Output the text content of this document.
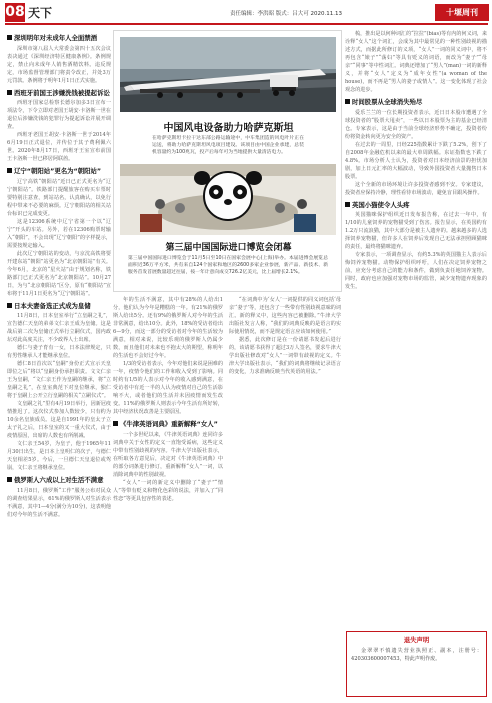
08 天下	责任编辑：李洪昭 版式：吕大可 2020.11.13	十堰周刊
深圳明年对未成年人全面禁酒

深圳市第八届人大常委会第四十五次会议表决通过《深圳经济特区健康条例》。条例规定，禁止向未成年人销售酒精饮料。违反规定，市场监督管理部门将责令改正，并处3万元罚款。条例将于明年1月1日正式实施。

西班牙前国王涉嫌洗钱被提起诉讼

西班牙国家总检察长德尔加多3日宣布一项法令，下令立即对老国王胡安·卡洛斯一世在退位后涉嫌洗钱的犯罪行为提起诉讼并展开调查。

西班牙老国王胡安·卡洛斯一世于2014年6月19日正式退位，并传位于其子费利佩六世。2020年8月17日，西班牙王室宣布前国王卡洛斯一世已移居阿联酋。

辽宁“朝阳站”更名为“朝阳站”

辽宁高铁“朝阳站”近日已正式更名为“辽宁朝阳站”。铁路部门提醒旅客在购买车票时要特别注意查，到站站名，认真确认，以免行程中带来不必要的麻烦。辽宁朝阳站的相关站台标识已完成变更。

这是12306系统中辽宁省第一个以“辽宁”开头的车站。另外，若在12306购票时输入“朝阳”，不会出现“辽宁朝阳”的字样提示，需要按规定输入。

此次辽宁朝阳站的变动，与京沈高铁将要开建东站“朝阳”站更名为“北京朝阳站”有关。今年6月，北京的“星火站”由于规划名称，铁路部门已正式更名为“北京朝阳站”。10月27日，为与“北京朝阳站”区分，原有“朝阳站”宣布将于11月1日更名为“辽宁朝阳站”。

日本夫妻备选正式成为皇储

11月8日，日本皇室举行“立皇嗣之礼”，宣告德仁天皇的弟弟文仁亲王成为皇储。这是战后第二次为皇储正式举行立嗣仪式，国内政坛对此高度关注，不少政界人士出席。

德仁与妻子育有一女，日本法律规定，只有男性继承人才能继承皇位。

德仁8日首次以“皇嗣”身份正式宣示天皇即位之后“将以“皇嗣身份承担职责。文文仁亲王为皇嗣，“文仁亲王作为皇嗣的继承，将“立皇嗣之礼”，在皇室典范下对皇位继承，独仁将于皇嗣上公开立行皇嗣的相关“立嗣仪式”。

文皇嗣之礼”里有4月19日举行，因新冠疫情推迟了。这次仪式参加人数较少，只有约为10余名皇族成员。这是自1991年的皇太子立太子礼之后，日本皇室的又一重大仪式，由于疫情原因，出席的人数也有所削减。

文仁亲王54岁，为皇子，他于1965年11月30日出生，是日本上皇明仁的次子，与德仁天皇相差5岁。今后，一旦德仁天皇退位或驾崩，文仁亲王将继承皇位。

俄罗斯人六成以上对生活不满意

11月8日，俄罗斯“工作”服务公布对民众的调查结果显示，61%的俄罗斯人对生活表示不满意，其中1—4分(满分为10分)，这表明他们对今年的生活不满意。

中国风电设备助力哈萨克斯坦
在哈萨克斯坦卡拉干达东部公路运输途中，中车集团造的风电叶片正在运送，将助力哈萨克斯坦风电项目建设。该项目由中国企业承建，总装机容量约为100兆瓦，投产后每年可为当地提供大量清洁电力。
第三届中国国际进口博览会闭幕
第三届中国国际进口博览会于11月5日至10日在国家会展中心(上海)举办。本届进博会展览总面积近36万平方米，共有来自124个国家和地区的2600多家企业参展，新产品、新技术、新服务首发首展数量超过往届，按一年计意向成交726.2亿美元，比上届增长2.1%。

年的生活不满意，其中有28%的人给出1分，他们认为今年是糟糕的一年。有21%的俄罗斯人给出5分。还有9%的俄罗斯人对今年的生活非常满意，给出10分。此外，18%的受访者给出6—9分，而这一部分的受访者对今年的生活较为满意，相对来说，比较乐观的俄罗斯人仍属少数，而且他们对未来也不抱太大的期望，称明年的生活也不会好过今年。

1/3的受访者表示，今年对他们来说是困难的一年，疫情令他们的工作和收入受到了影响。同时约有1/5的人表示对今年的收入感到满意，在受访者中有近一半的人认为疫情对自己的生活影响不大，或者他们的生活并未因疫情而发生改变。11%的俄罗斯人则表示今年生活有所好转，其中经济状况改善是主要原因。

《牛津英语词典》重新解释“女人”

一个多世纪以来，《牛津英语词典》连同许多词典中关于女性的定义一直饱受诟病，这些定义中带有性别歧视的内容。牛津大学出版社表示，在听取各方意见后，决定对《牛津英语词典》中的部分词条进行修订，重新解释“女人”一词，以消除词典中的性别歧视。

“女人”一词的新定义中删除了“妻子”“情人”等带有贬义和物化色彩的说法，并加入了“同性恋”等更具包容性的表述。

“在词典中为‘女人’一词提供的同义词包括‘母亲’‘妻子’等，还包含了一些带有性别歧视意味的词汇。新的释义中，这些内容已被删除。”牛津大学出版社发言人称，“我们的词典反映的是语言的实际使用情况，而不是规定语言应该如何使用。”

据悉，此次修订是在一份请愿书发起后进行的，该请愿书获得了超过3万人签名，要求牛津大学出版社修改对“女人”一词带有歧视的定义。牛津大学出版社表示，“我们的词典将继续记录语言的变化，力求准确反映当代英语的用法。”

梳，推出是以何种词汇的“拉拉”(bias)等有内的何义词，来诠释“女人”这个词汇，会成为其中最常见的一种性别歧视的描述方式，而据此所修订的义项，“女人”一词的同义词中，将不再包含“婊子”“荡妇”等具有贬义的词语，而改为“妻子”“母亲”“同事”等中性词汇。词典还增加了“男人”(man)一词的新释义，并将“女人”定义为“成年女性”(a woman of the house)，而不再是“男人的妻子或情人”。这一变化体现了社会观念的进步。

时间股票从全球消失殆尽

爱乐兰兰的一位长期投资者表示，近日日本股市遭遇了全球投资者的“股票大甩卖”，一些以日本股票为主的基金已经清仓。专家表示，这是由于当前全球经济形势不确定，投资者纷纷将资金转向更为安全的资产。

在过去的一周里，日经225指数累计下跌了5.2%，创下了自2008年金融危机以来的最大单周跌幅。东证指数也下跌了4.8%。市场分析人士认为，投资者对日本经济前景的担忧加剧，加上日元汇率的大幅波动，导致外国投资者大量抛售日本股票。

这个全新的市场环境让许多投资者感到不安。专家建议，投资者应保持冷静，理性看待市场波动，避免盲目跟风操作。

英国小猫使令人头疼

英国猫咪保护组织近日发布报告称，在过去一年中，有1/10的儿童饲养的宠物猫受到了伤害。报告显示，在英国约有1.2万只流浪猫，其中大部分是被主人遗弃的。越来越多的人选择饲养宠物猫，但许多人在饲养后发现自己无法承担照顾猫咪的责任，最终将猫咪遗弃。

专家表示，一项调查显示，有约5.3%的英国猫主人表示后悔饲养宠物猫。动物保护组织呼吁，人们在决定饲养宠物之前，应充分考虑自己的能力和条件，做到负责任地饲养宠物。同时，政府也应加强对宠物市场的监管，减少宠物遗弃现象的发生。

退失声明
金翠翠不慎遗失营业执照正、副本，注册号：420303600007453，特此声明作废。
